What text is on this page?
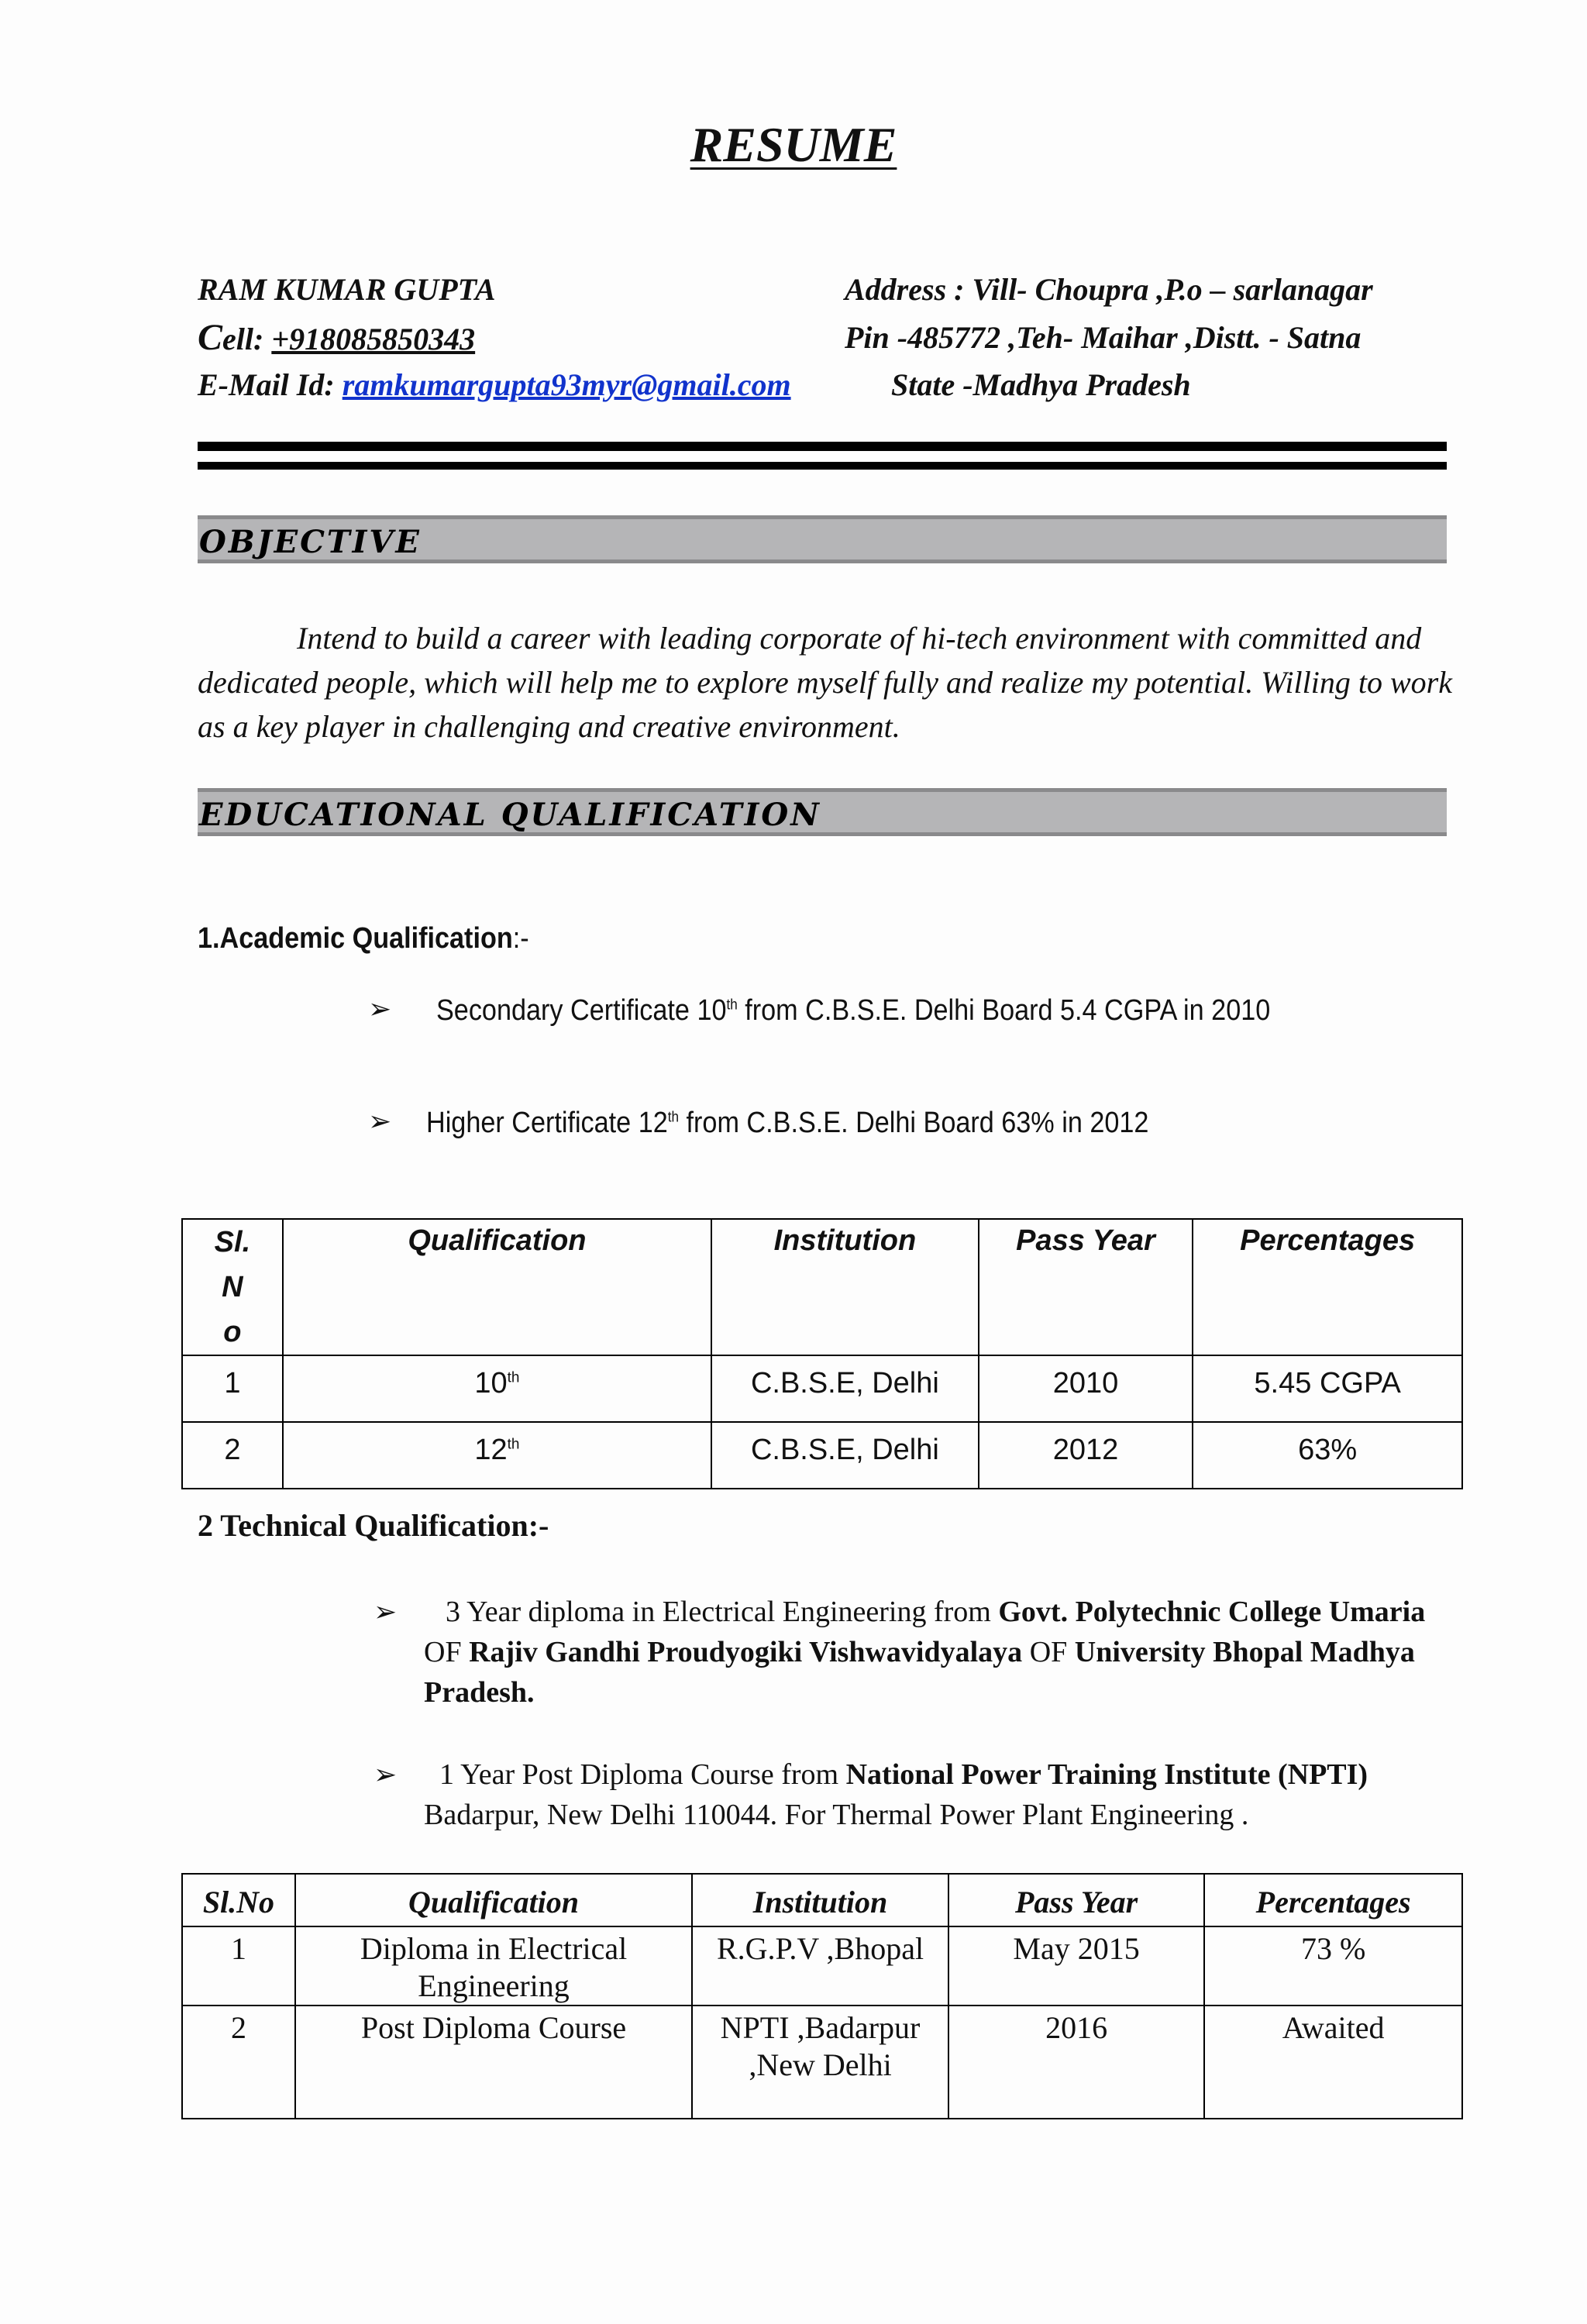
RESUME
RAM KUMAR GUPTA
Cell: +918085850343
E-Mail Id: ramkumargupta93myr@gmail.com
Address : Vill- Choupra ,P.o – sarlanagar
Pin -485772 ,Teh- Maihar ,Distt. - Satna
State -Madhya Pradesh
OBJECTIVE
Intend to build a career with leading corporate of hi-tech environment with committed and dedicated people, which will help me to explore myself fully and realize my potential. Willing to work as a key player in challenging and creative environment.
EDUCATIONAL QUALIFICATION
1.Academic Qualification:-
➢ Secondary Certificate 10th from C.B.S.E. Delhi Board 5.4 CGPA in 2010
➢ Higher Certificate 12th from C.B.S.E. Delhi Board 63% in 2012
Sl.N o	Qualification	Institution	Pass Year	Percentages
1	10th	C.B.S.E, Delhi	2010	5.45 CGPA
2	12th	C.B.S.E, Delhi	2012	63%
2 Technical Qualification:-
➢	3 Year diploma in Electrical Engineering from Govt. Polytechnic College Umaria OF Rajiv Gandhi Proudyogiki Vishwavidyalaya OF University Bhopal Madhya Pradesh.
➢	1 Year Post Diploma Course from National Power Training Institute (NPTI) Badarpur, New Delhi 110044. For Thermal Power Plant Engineering .
Sl.No	Qualification	Institution	Pass Year	Percentages
1	Diploma in Electrical Engineering	R.G.P.V ,Bhopal	May 2015	73 %
2	Post Diploma Course	NPTI ,Badarpur ,New Delhi	2016	Awaited
